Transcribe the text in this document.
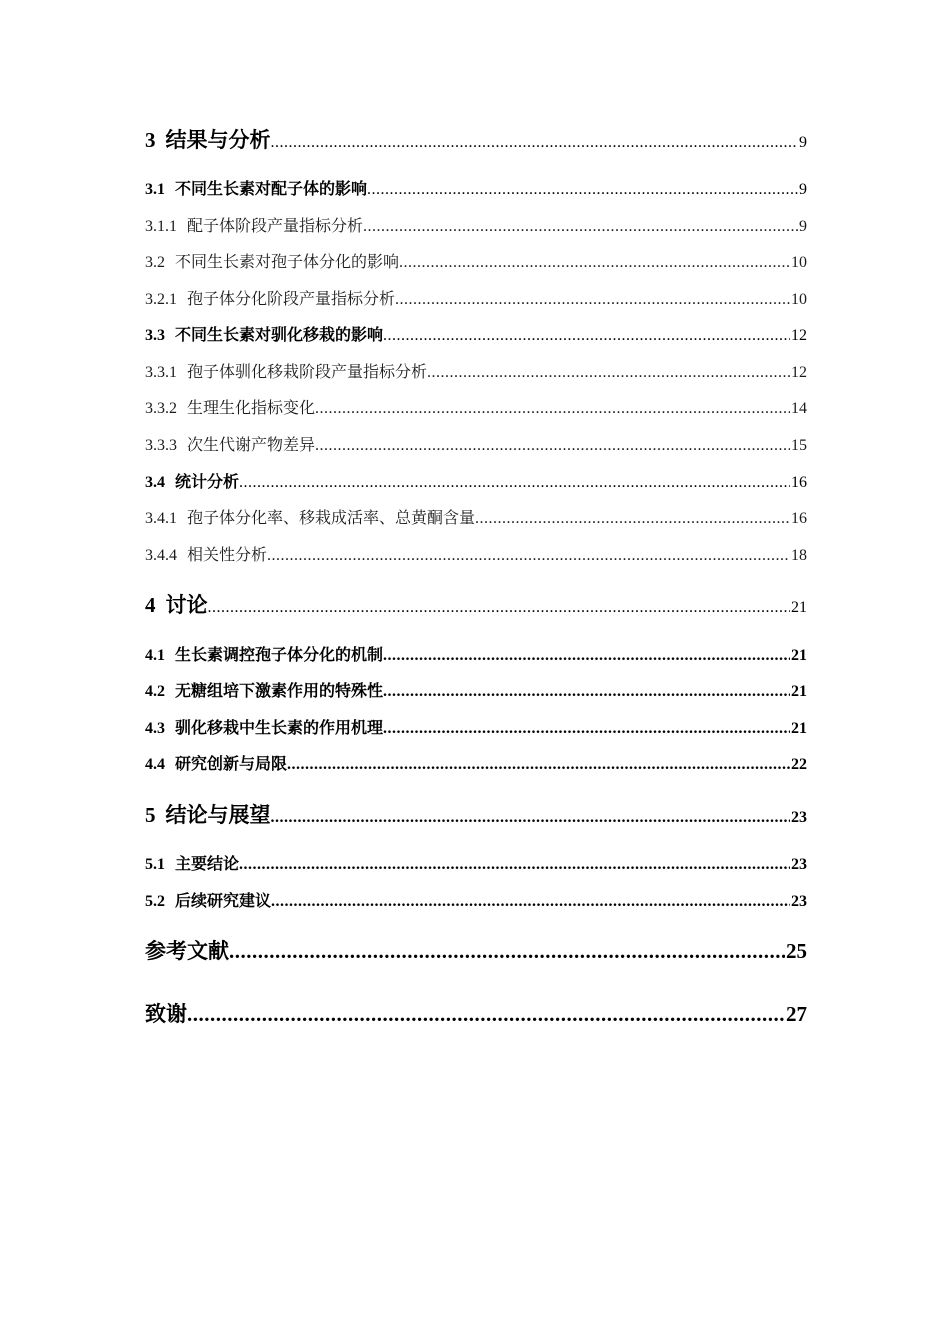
3 结果与分析 .....	9
3.1 不同生长素对配子体的影响 .....	9
3.1.1 配子体阶段产量指标分析 .....	9
3.2 不同生长素对孢子体分化的影响 .....	10
3.2.1 孢子体分化阶段产量指标分析 .....	10
3.3 不同生长素对驯化移栽的影响 .....	12
3.3.1 孢子体驯化移栽阶段产量指标分析 .....	12
3.3.2 生理生化指标变化 .....	14
3.3.3 次生代谢产物差异 .....	15
3.4 统计分析 .....	16
3.4.1 孢子体分化率、移栽成活率、总黄酮含量 .....	16
3.4.4 相关性分析 .....	18
4 讨论 .....	21
4.1 生长素调控孢子体分化的机制 .....	21
4.2 无糖组培下激素作用的特殊性 .....	21
4.3 驯化移栽中生长素的作用机理 .....	21
4.4 研究创新与局限 .....	22
5 结论与展望 .....	23
5.1 主要结论 .....	23
5.2 后续研究建议 .....	23
参考文献 .....	25
致谢 .....	27
